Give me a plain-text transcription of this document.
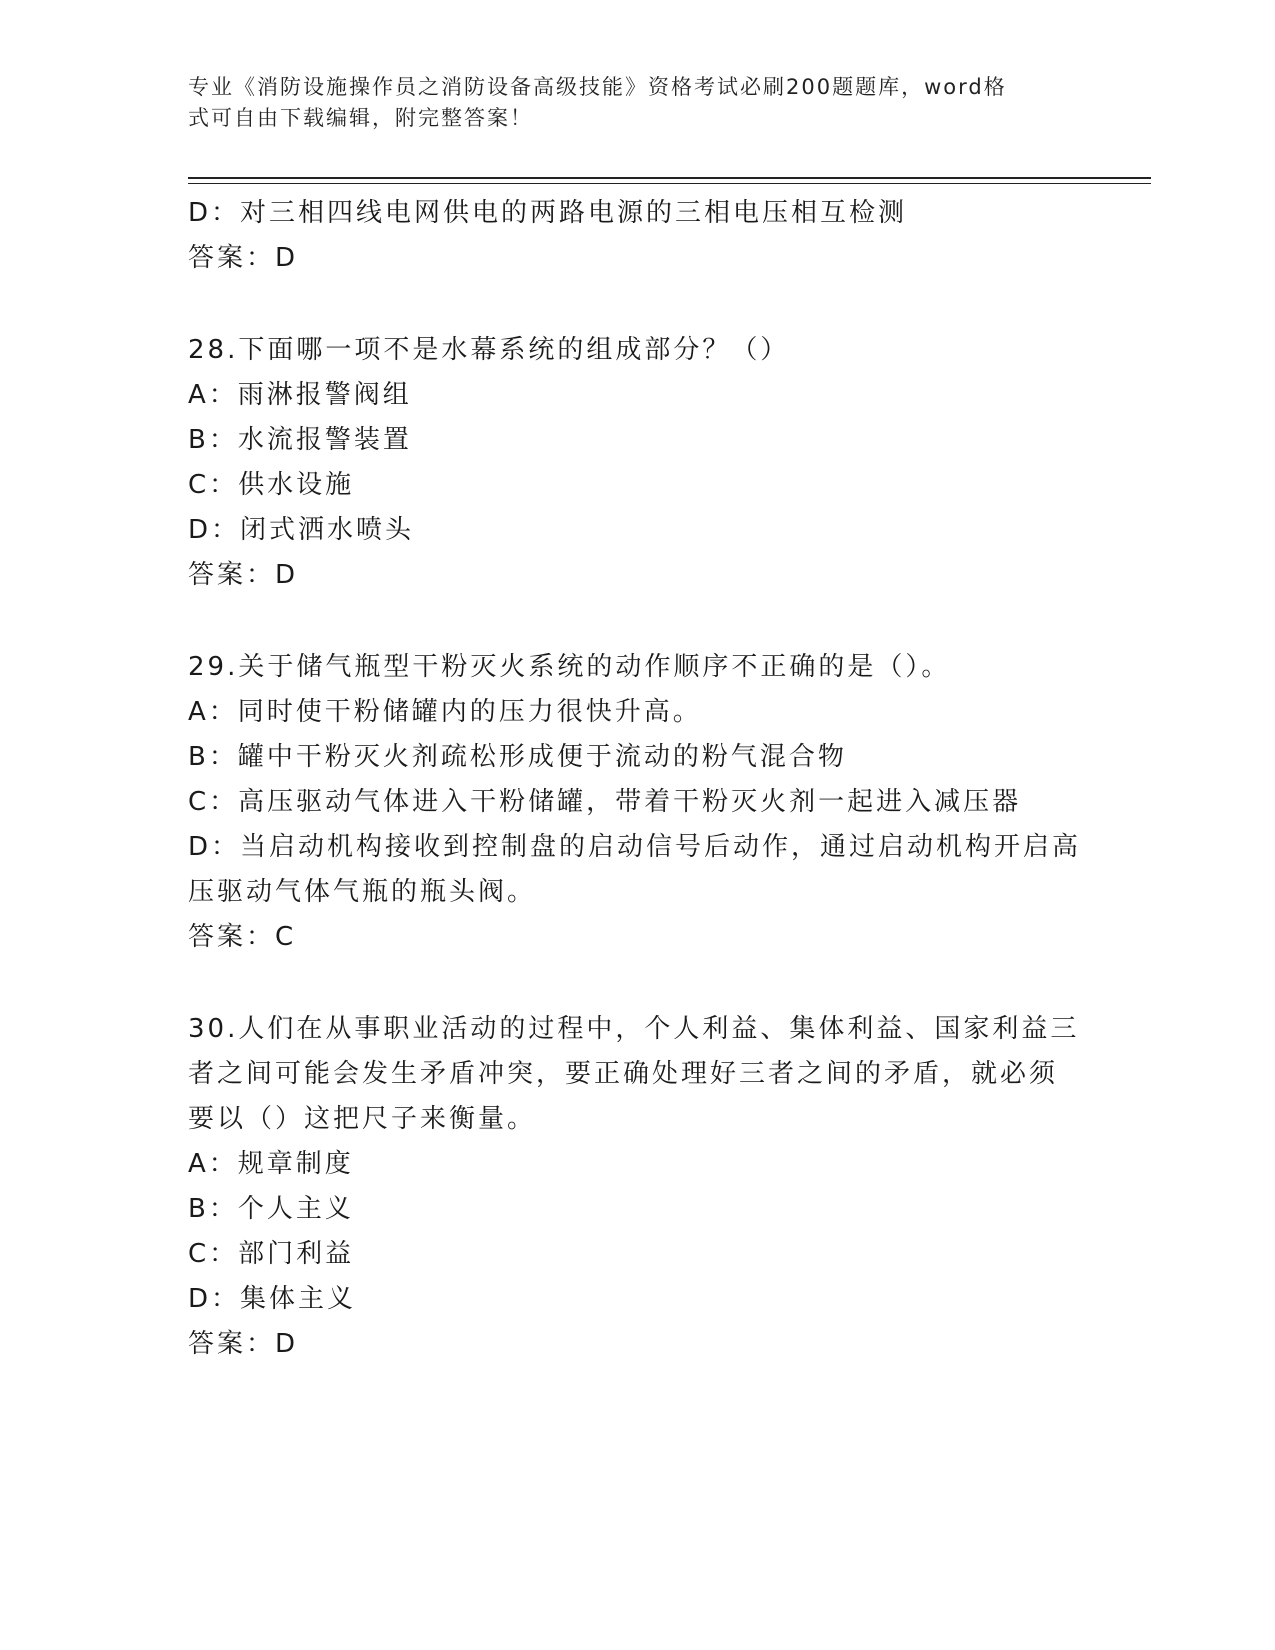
专业《消防设施操作员之消防设备高级技能》资格考试必刷200题题库，word格
式可自由下载编辑，附完整答案！
D：对三相四线电网供电的两路电源的三相电压相互检测
答案：D
28.下面哪一项不是水幕系统的组成部分？（）
A：雨淋报警阀组
B：水流报警装置
C：供水设施
D：闭式洒水喷头
答案：D
29.关于储气瓶型干粉灭火系统的动作顺序不正确的是（）。
A：同时使干粉储罐内的压力很快升高。
B：罐中干粉灭火剂疏松形成便于流动的粉气混合物
C：高压驱动气体进入干粉储罐，带着干粉灭火剂一起进入减压器
D：当启动机构接收到控制盘的启动信号后动作，通过启动机构开启高
压驱动气体气瓶的瓶头阀。
答案：C
30.人们在从事职业活动的过程中，个人利益、集体利益、国家利益三
者之间可能会发生矛盾冲突，要正确处理好三者之间的矛盾，就必须
要以（）这把尺子来衡量。
A：规章制度
B：个人主义
C：部门利益
D：集体主义
答案：D
